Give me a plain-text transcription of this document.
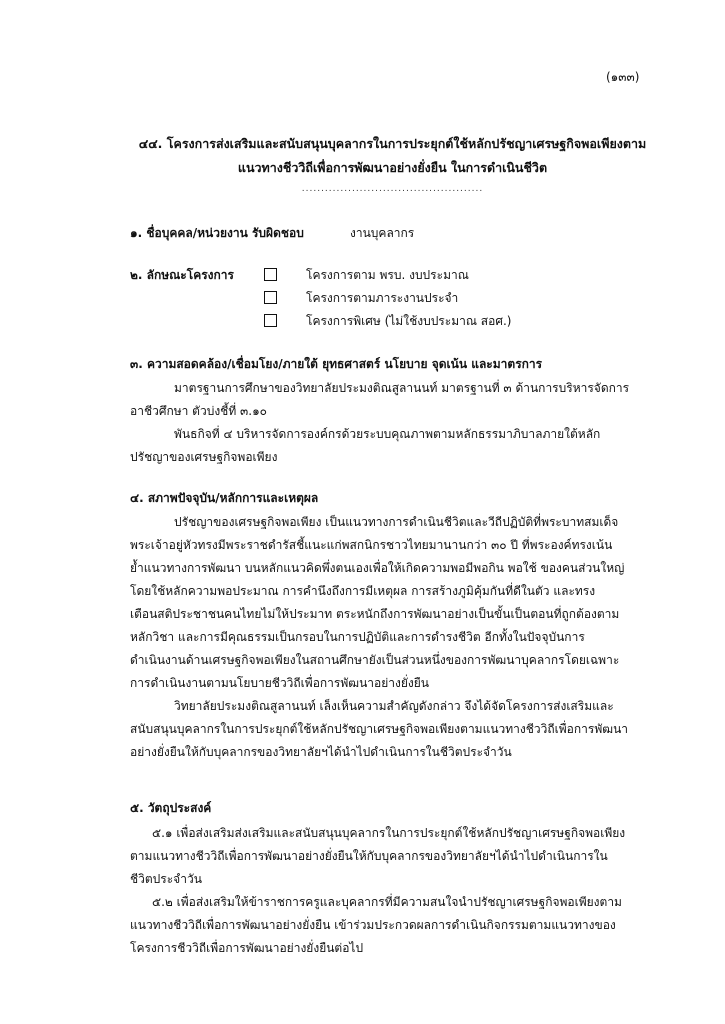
(๑๓๓)
๔๔. โครงการส่งเสริมและสนับสนุนบุคลากรในการประยุกต์ใช้หลักปรัชญาเศรษฐกิจพอเพียงตาม
แนวทางชีววิถีเพื่อการพัฒนาอย่างยั่งยืน ในการดำเนินชีวิต
...............................................
๑. ชื่อบุคคล/หน่วยงาน รับผิดชอบ	งานบุคลากร
๒. ลักษณะโครงการ	โครงการตาม พรบ. งบประมาณ
โครงการตามภาระงานประจำ
โครงการพิเศษ (ไม่ใช้งบประมาณ สอศ.)
๓. ความสอดคล้อง/เชื่อมโยง/ภายใต้ ยุทธศาสตร์ นโยบาย จุดเน้น และมาตรการ
มาตรฐานการศึกษาของวิทยาลัยประมงติณสูลานนท์ มาตรฐานที่ ๓ ด้านการบริหารจัดการ
อาชีวศึกษา ตัวบ่งชี้ที่ ๓.๑๐
พันธกิจที่ ๔ บริหารจัดการองค์กรด้วยระบบคุณภาพตามหลักธรรมาภิบาลภายใต้หลัก
ปรัชญาของเศรษฐกิจพอเพียง
๔. สภาพปัจจุบัน/หลักการและเหตุผล
ปรัชญาของเศรษฐกิจพอเพียง เป็นแนวทางการดำเนินชีวิตและวีถีปฏิบัติที่พระบาทสมเด็จ
พระเจ้าอยู่หัวทรงมีพระราชดำรัสชี้แนะแก่พสกนิกรชาวไทยมานานกว่า ๓๐ ปี ที่พระองค์ทรงเน้น
ย้ำแนวทางการพัฒนา บนหลักแนวคิดพึ่งตนเองเพื่อให้เกิดความพอมีพอกิน พอใช้ ของคนส่วนใหญ่
โดยใช้หลักความพอประมาณ การคำนึงถึงการมีเหตุผล การสร้างภูมิคุ้มกันที่ดีในตัว และทรง
เตือนสติประชาชนคนไทยไม่ให้ประมาท ตระหนักถึงการพัฒนาอย่างเป็นขั้นเป็นตอนที่ถูกต้องตาม
หลักวิชา และการมีคุณธรรมเป็นกรอบในการปฏิบัติและการดำรงชีวิต อีกทั้งในปัจจุบันการ
ดำเนินงานด้านเศรษฐกิจพอเพียงในสถานศึกษายังเป็นส่วนหนึ่งของการพัฒนาบุคลากรโดยเฉพาะ
การดำเนินงานตามนโยบายชีววิถีเพื่อการพัฒนาอย่างยั่งยืน
วิทยาลัยประมงติณสูลานนท์ เล็งเห็นความสำคัญดังกล่าว จึงได้จัดโครงการส่งเสริมและ
สนับสนุนบุคลากรในการประยุกต์ใช้หลักปรัชญาเศรษฐกิจพอเพียงตามแนวทางชีววิถีเพื่อการพัฒนา
อย่างยั่งยืนให้กับบุคลากรของวิทยาลัยฯได้นำไปดำเนินการในชีวิตประจำวัน
๕. วัตถุประสงค์
๕.๑ เพื่อส่งเสริมส่งเสริมและสนับสนุนบุคลากรในการประยุกต์ใช้หลักปรัชญาเศรษฐกิจพอเพียง
ตามแนวทางชีววิถีเพื่อการพัฒนาอย่างยั่งยืนให้กับบุคลากรของวิทยาลัยฯได้นำไปดำเนินการใน
ชีวิตประจำวัน
๕.๒ เพื่อส่งเสริมให้ข้าราชการครูและบุคลากรที่มีความสนใจนำปรัชญาเศรษฐกิจพอเพียงตาม
แนวทางชีววิถีเพื่อการพัฒนาอย่างยั่งยืน เข้าร่วมประกวดผลการดำเนินกิจกรรมตามแนวทางของ
โครงการชีววิถีเพื่อการพัฒนาอย่างยั่งยืนต่อไป
